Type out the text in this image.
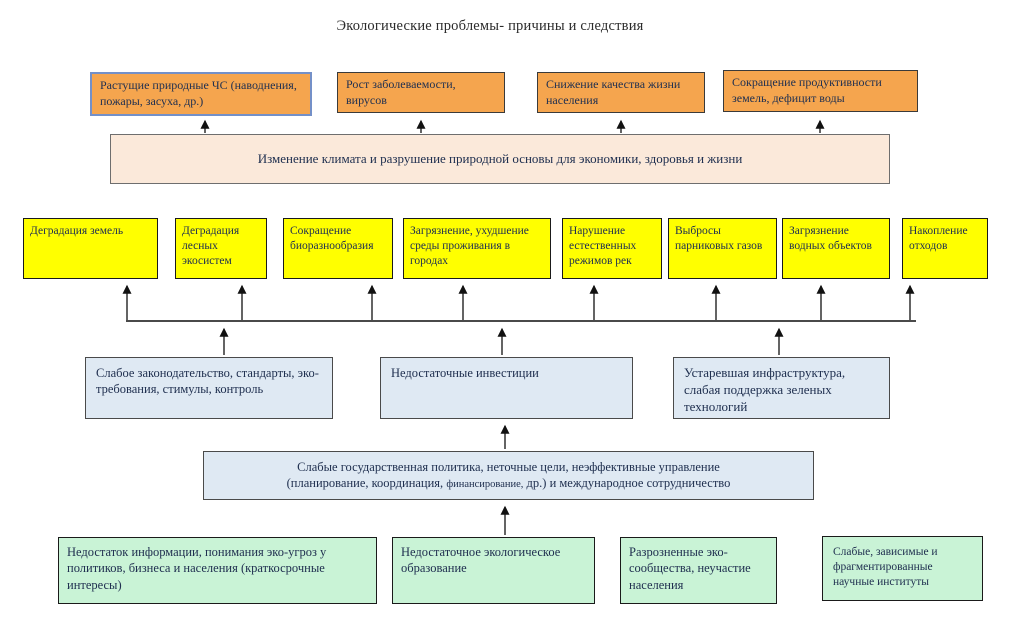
Экологические проблемы- причины и следствия
Растущие природные ЧС (наводнения, пожары, засуха, др.)
Рост заболеваемости, вирусов
Снижение качества жизни населения
Сокращение продуктивности земель, дефицит воды
Изменение климата и разрушение природной основы для экономики, здоровья и жизни
Деградация земель	Деградация лесных экосистем
Сокращение биоразнообразия
Загрязнение, ухудшение среды проживания в городах
Нарушение естественных режимов рек
Выбросы парниковых газов
Загрязнение водных объектов
Накопление отходов
Слабое законодательство, стандарты, эко-требования, стимулы, контроль
Недостаточные инвестиции	Устаревшая инфраструктура, слабая поддержка зеленых технологий
Слабые государственная политика, неточные цели, неэффективные управление
(планирование, координация, финансирование, др.) и международное сотрудничество
Недостаток информации, понимания эко-угроз у политиков, бизнеса и населения (краткосрочные интересы)
Недостаточное экологическое образование
Разрозненные эко-сообщества, неучастие населения
Слабые, зависимые и фрагментированные научные институты
